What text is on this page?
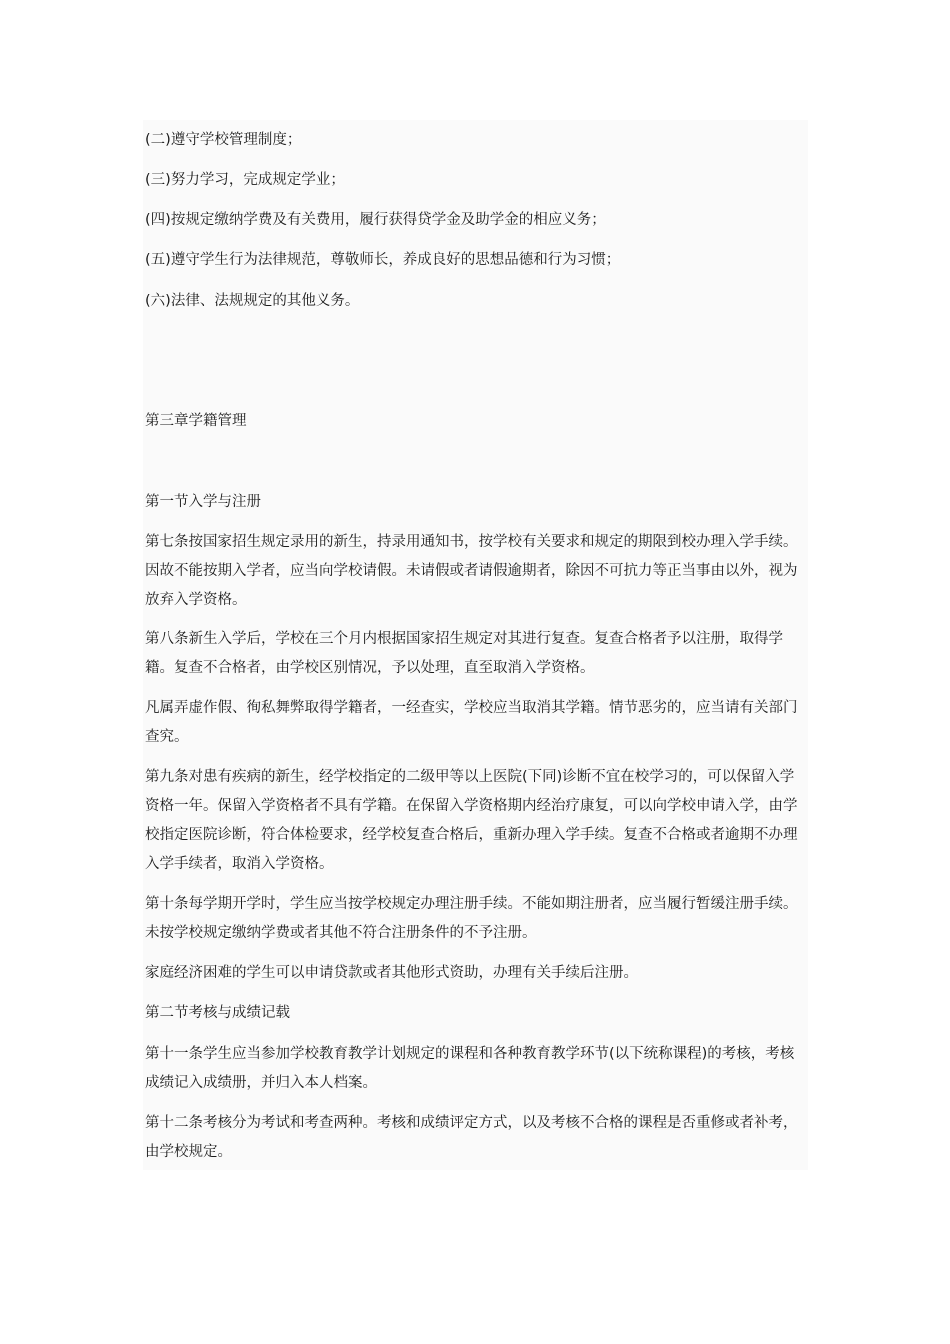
(二)遵守学校管理制度；
(三)努力学习，完成规定学业；
(四)按规定缴纳学费及有关费用，履行获得贷学金及助学金的相应义务；
(五)遵守学生行为法律规范，尊敬师长，养成良好的思想品德和行为习惯；
(六)法律、法规规定的其他义务。
第三章学籍管理
第一节入学与注册
第七条按国家招生规定录用的新生，持录用通知书，按学校有关要求和规定的期限到校办理入学手续。因故不能按期入学者，应当向学校请假。未请假或者请假逾期者，除因不可抗力等正当事由以外，视为放弃入学资格。
第八条新生入学后，学校在三个月内根据国家招生规定对其进行复查。复查合格者予以注册，取得学籍。复查不合格者，由学校区别情况，予以处理，直至取消入学资格。
凡属弄虚作假、徇私舞弊取得学籍者，一经查实，学校应当取消其学籍。情节恶劣的，应当请有关部门查究。
第九条对患有疾病的新生，经学校指定的二级甲等以上医院(下同)诊断不宜在校学习的，可以保留入学资格一年。保留入学资格者不具有学籍。在保留入学资格期内经治疗康复，可以向学校申请入学，由学校指定医院诊断，符合体检要求，经学校复查合格后，重新办理入学手续。复查不合格或者逾期不办理入学手续者，取消入学资格。
第十条每学期开学时，学生应当按学校规定办理注册手续。不能如期注册者，应当履行暂缓注册手续。未按学校规定缴纳学费或者其他不符合注册条件的不予注册。
家庭经济困难的学生可以申请贷款或者其他形式资助，办理有关手续后注册。
第二节考核与成绩记载
第十一条学生应当参加学校教育教学计划规定的课程和各种教育教学环节(以下统称课程)的考核，考核成绩记入成绩册，并归入本人档案。
第十二条考核分为考试和考查两种。考核和成绩评定方式，以及考核不合格的课程是否重修或者补考，由学校规定。
